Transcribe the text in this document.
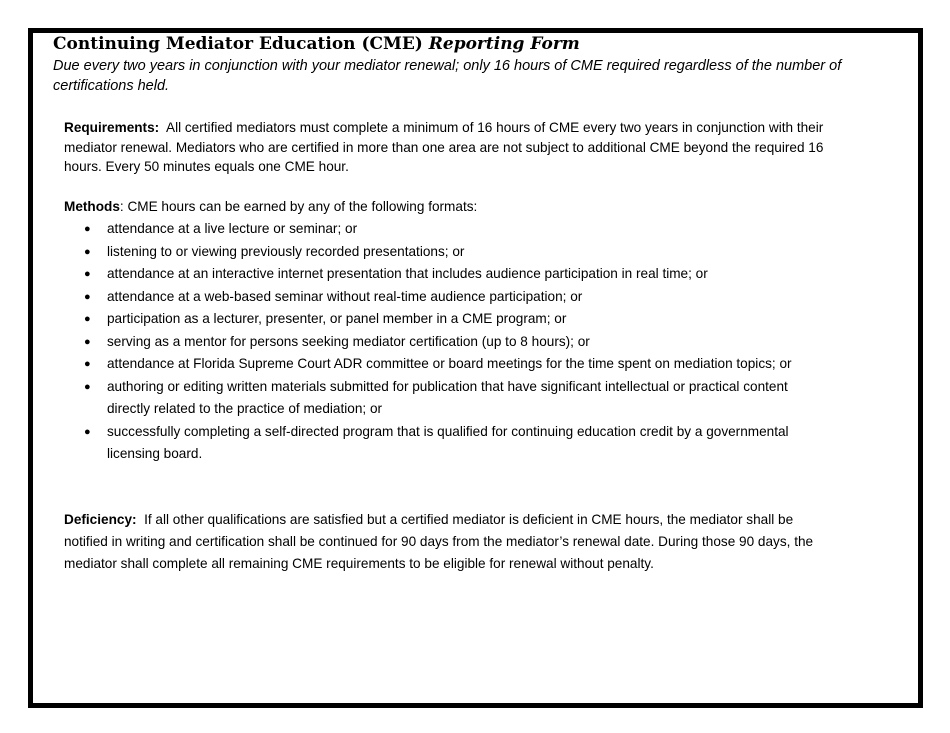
Continuing Mediator Education (CME) Reporting Form

Due every two years in conjunction with your mediator renewal; only 16 hours of CME required regardless of the number of certifications held.

Requirements: All certified mediators must complete a minimum of 16 hours of CME every two years in conjunction with their mediator renewal. Mediators who are certified in more than one area are not subject to additional CME beyond the required 16 hours. Every 50 minutes equals one CME hour.

Methods: CME hours can be earned by any of the following formats:

● attendance at a live lecture or seminar; or
● listening to or viewing previously recorded presentations; or
● attendance at an interactive internet presentation that includes audience participation in real time; or
● attendance at a web-based seminar without real-time audience participation; or
● participation as a lecturer, presenter, or panel member in a CME program; or
● serving as a mentor for persons seeking mediator certification (up to 8 hours); or
● attendance at Florida Supreme Court ADR committee or board meetings for the time spent on mediation topics; or
● authoring or editing written materials submitted for publication that have significant intellectual or practical content directly related to the practice of mediation; or
● successfully completing a self-directed program that is qualified for continuing education credit by a governmental licensing board.

Deficiency: If all other qualifications are satisfied but a certified mediator is deficient in CME hours, the mediator shall be notified in writing and certification shall be continued for 90 days from the mediator’s renewal date. During those 90 days, the mediator shall complete all remaining CME requirements to be eligible for renewal without penalty.
